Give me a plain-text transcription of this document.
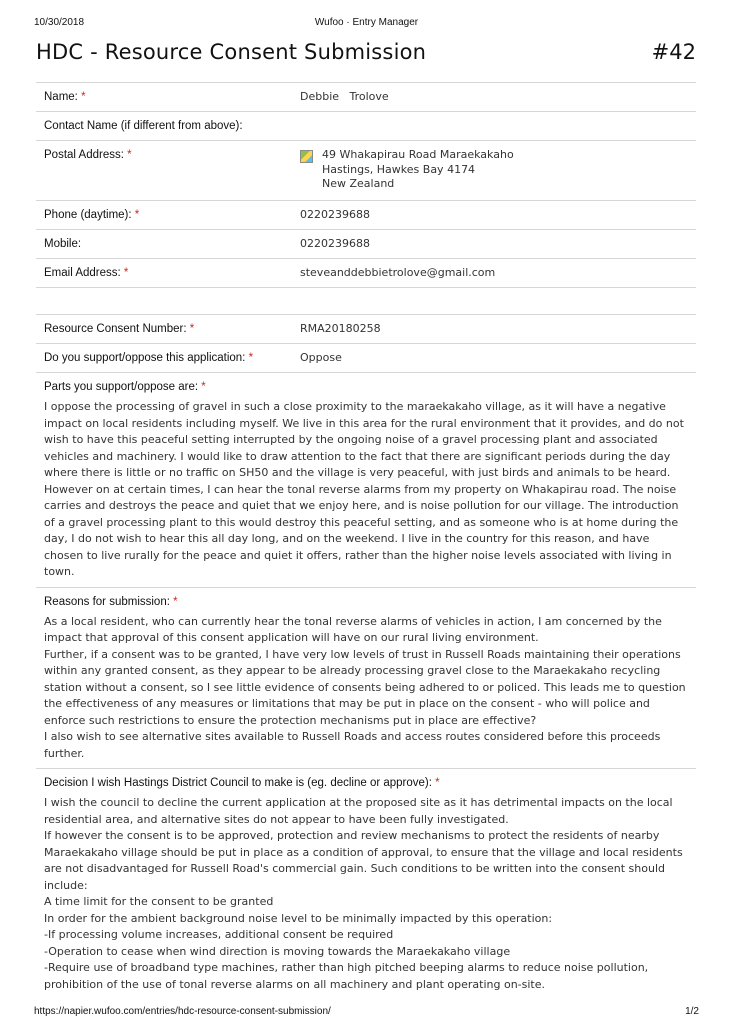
10/30/2018	Wufoo · Entry Manager
HDC - Resource Consent Submission	#42
Name: *	Debbie   Trolove
Contact Name (if different from above):
Postal Address: *	49 Whakapirau Road Maraekakaho
Hastings, Hawkes Bay 4174
New Zealand
Phone (daytime): *	0220239688
Mobile:	0220239688
Email Address: *	steveanddebbietrolove@gmail.com
Resource Consent Number: *	RMA20180258
Do you support/oppose this application: *	Oppose
Parts you support/oppose are: *

I oppose the processing of gravel in such a close proximity to the maraekakaho village, as it will have a negative impact on local residents including myself. We live in this area for the rural environment that it provides, and do not wish to have this peaceful setting interrupted by the ongoing noise of a gravel processing plant and associated vehicles and machinery. I would like to draw attention to the fact that there are significant periods during the day where there is little or no traffic on SH50 and the village is very peaceful, with just birds and animals to be heard. However on at certain times, I can hear the tonal reverse alarms from my property on Whakapirau road. The noise carries and destroys the peace and quiet that we enjoy here, and is noise pollution for our village. The introduction of a gravel processing plant to this would destroy this peaceful setting, and as someone who is at home during the day, I do not wish to hear this all day long, and on the weekend. I live in the country for this reason, and have chosen to live rurally for the peace and quiet it offers, rather than the higher noise levels associated with living in town.

Reasons for submission: *

As a local resident, who can currently hear the tonal reverse alarms of vehicles in action, I am concerned by the impact that approval of this consent application will have on our rural living environment.

Further, if a consent was to be granted, I have very low levels of trust in Russell Roads maintaining their operations within any granted consent, as they appear to be already processing gravel close to the Maraekakaho recycling station without a consent, so I see little evidence of consents being adhered to or policed. This leads me to question the effectiveness of any measures or limitations that may be put in place on the consent - who will police and enforce such restrictions to ensure the protection mechanisms put in place are effective?

I also wish to see alternative sites available to Russell Roads and access routes considered before this proceeds further.

Decision I wish Hastings District Council to make is (eg. decline or approve): *

I wish the council to decline the current application at the proposed site as it has detrimental impacts on the local residential area, and alternative sites do not appear to have been fully investigated.

If however the consent is to be approved, protection and review mechanisms to protect the residents of nearby Maraekakaho village should be put in place as a condition of approval, to ensure that the village and local residents are not disadvantaged for Russell Road's commercial gain. Such conditions to be written into the consent should include:

A time limit for the consent to be granted

In order for the ambient background noise level to be minimally impacted by this operation:

-If processing volume increases, additional consent be required

-Operation to cease when wind direction is moving towards the Maraekakaho village

-Require use of broadband type machines, rather than high pitched beeping alarms to reduce noise pollution, prohibition of the use of tonal reverse alarms on all machinery and plant operating on-site.

https://napier.wufoo.com/entries/hdc-resource-consent-submission/	1/2
